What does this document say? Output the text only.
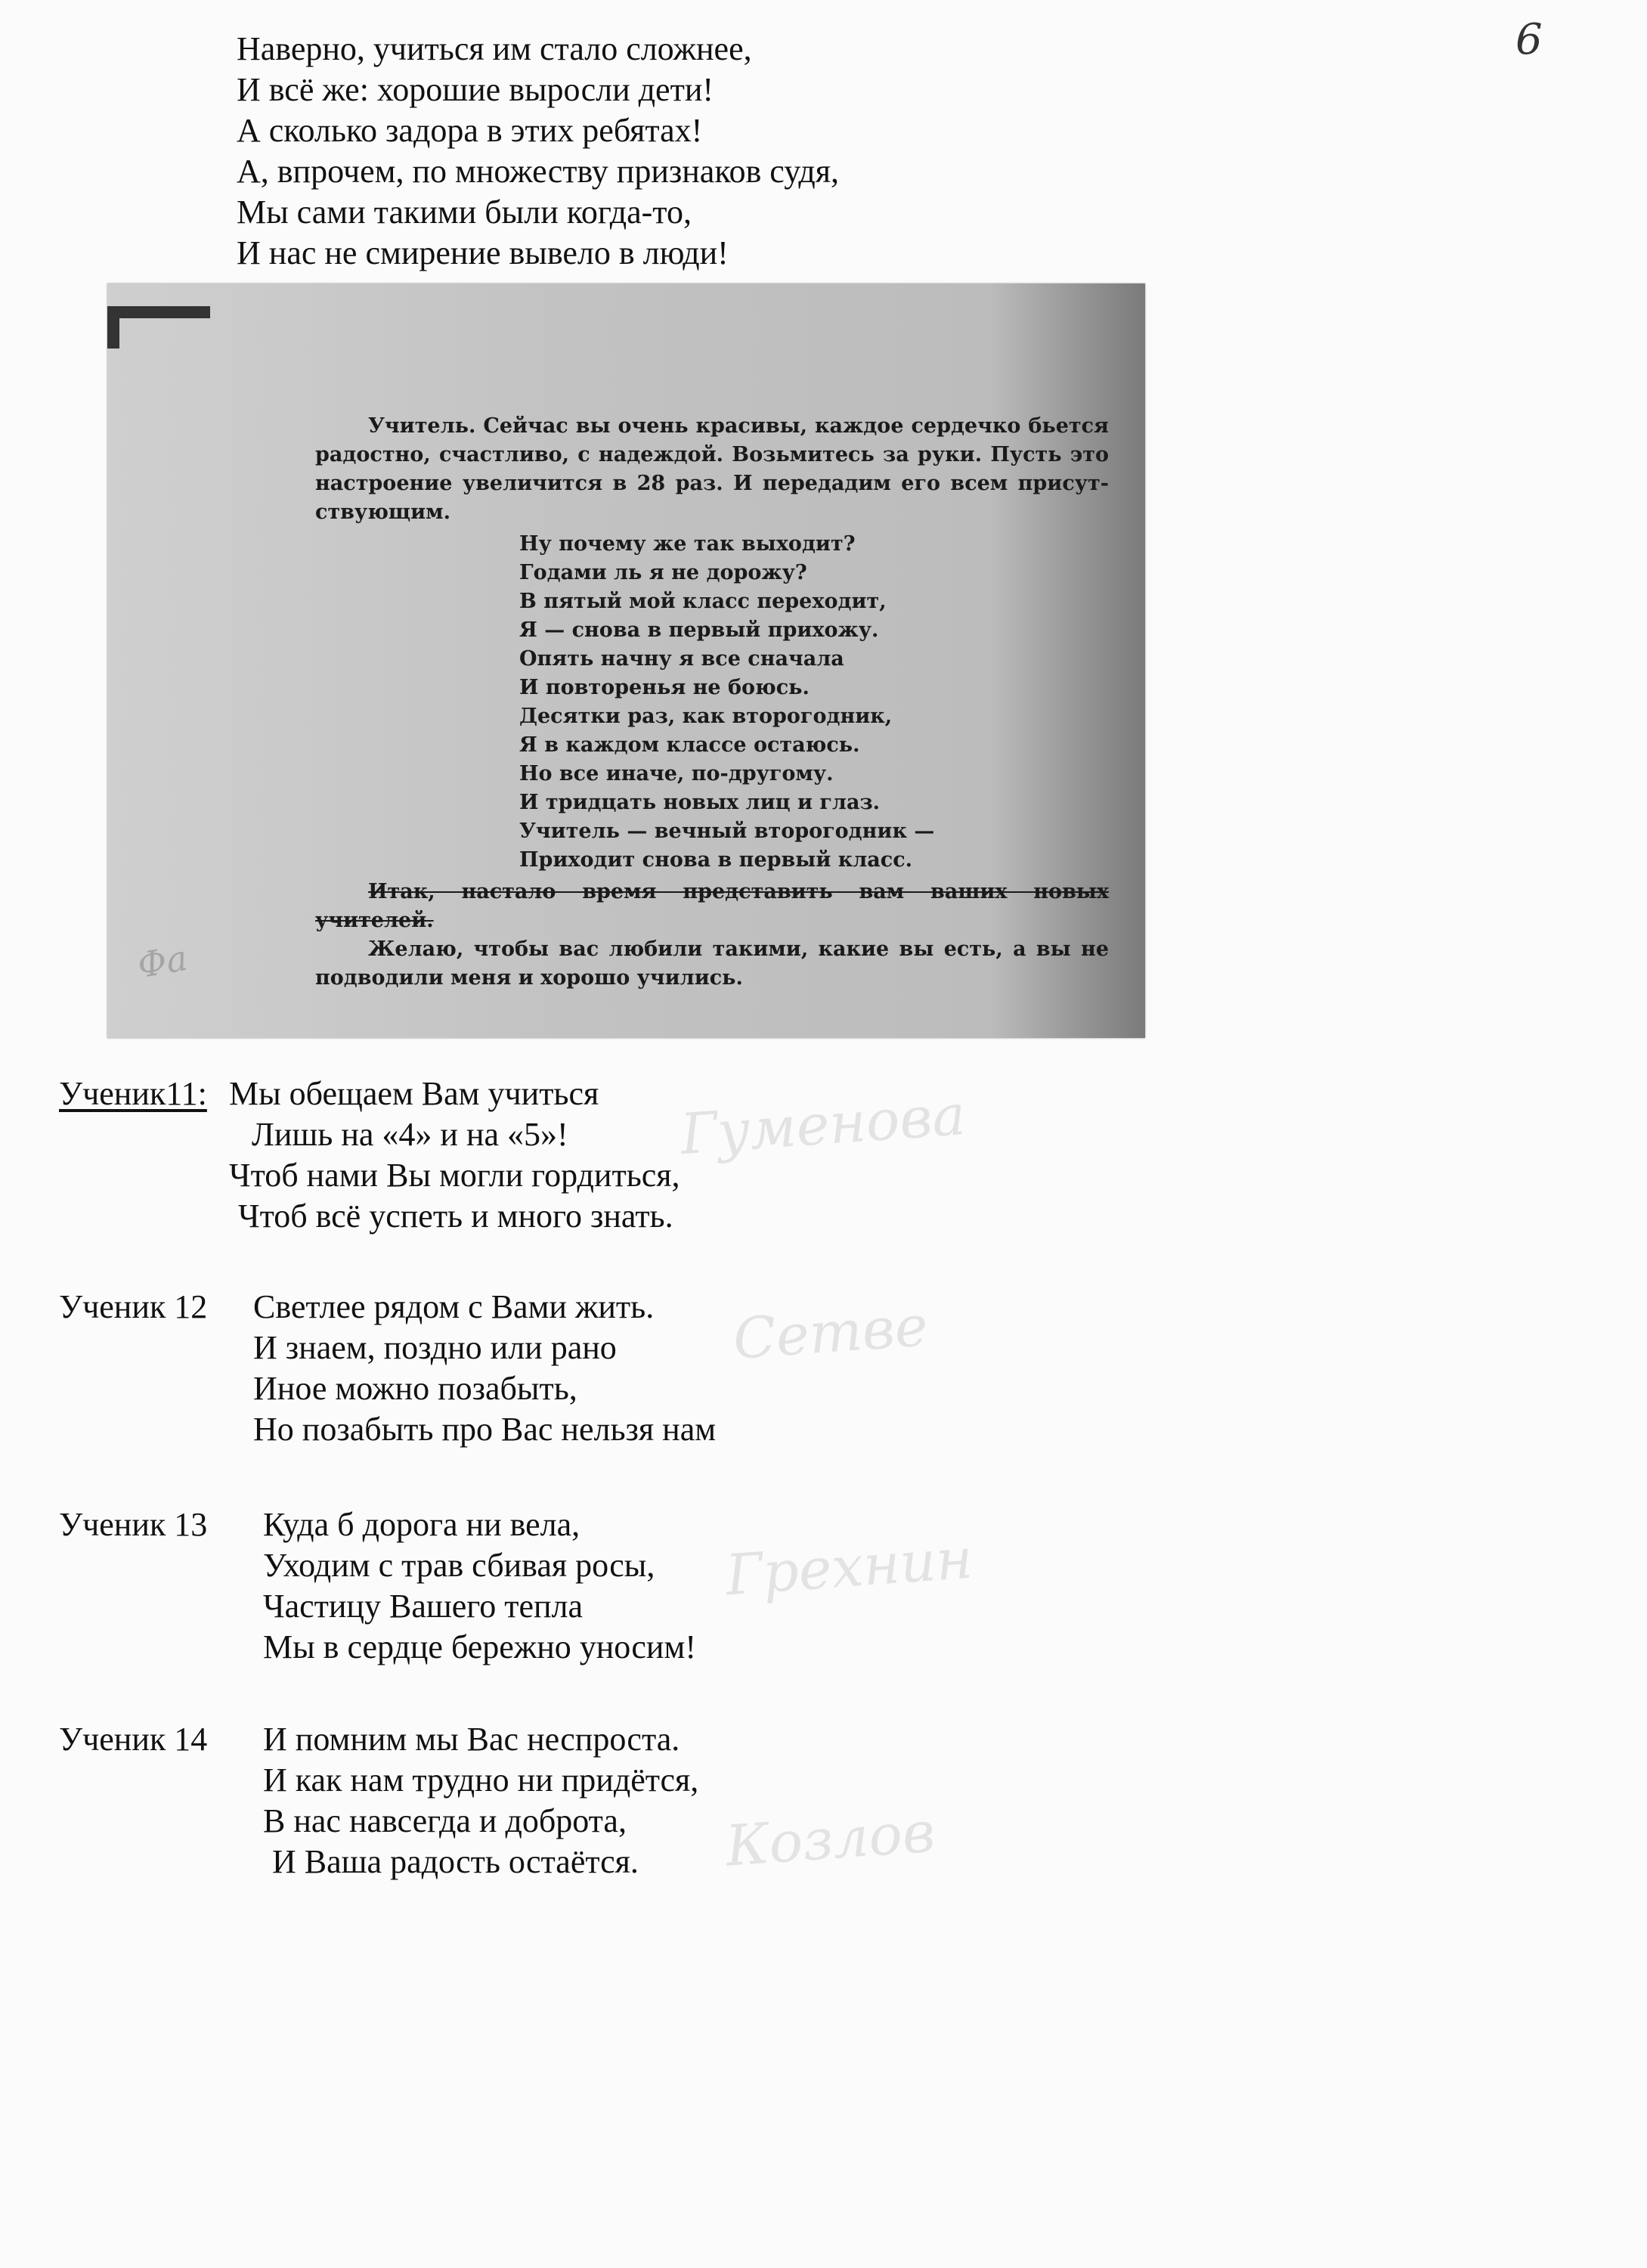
6
Наверно, учиться им стало сложнее,
И всё же: хорошие выросли дети!
А сколько задора в этих ребятах!
А, впрочем, по множеству признаков судя,
Мы сами такими были когда-то,
И нас не смирение вывело в люди!
Фа

Учитель. Сейчас вы очень красивы, каждое сердечко бьется радостно, счастливо, с надеждой. Возьмитесь за руки. Пусть это настроение увеличится в 28 раз. И передадим его всем присут-ствующим.

Ну почему же так выходит?
Годами ль я не дорожу?
В пятый мой класс переходит,
Я — снова в первый прихожу.
Опять начну я все сначала
И повторенья не боюсь.
Десятки раз, как второгодник,
Я в каждом классе остаюсь.
Но все иначе, по-другому.
И тридцать новых лиц и глаз.
Учитель — вечный второгодник —
Приходит снова в первый класс.

Итак, настало время представить вам ваших новых учителей.

Желаю, чтобы вас любили такими, какие вы есть, а вы не подводили меня и хорошо учились.

Гуменова
Сетве
Грехнин
Козлов
Ученик11: Мы обещаем Вам учиться
Лишь на «4» и на «5»!
Чтоб нами Вы могли гордиться,
Чтоб всё успеть и много знать.
Ученик 12 Светлее рядом с Вами жить.
И знаем, поздно или рано
Иное можно позабыть,
Но позабыть про Вас нельзя нам
Ученик 13 Куда б дорога ни вела,
Уходим с трав сбивая росы,
Частицу Вашего тепла
Мы в сердце бережно уносим!
Ученик 14 И помним мы Вас неспроста.
И как нам трудно ни придётся,
В нас навсегда и доброта,
И Ваша радость остаётся.
